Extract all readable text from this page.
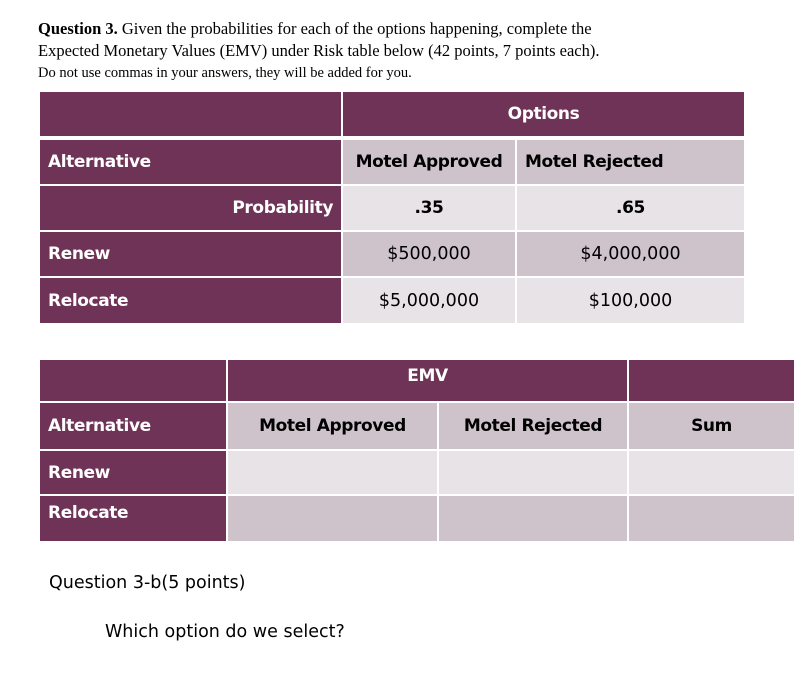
Question 3. Given the probabilities for each of the options happening, complete the
Expected Monetary Values (EMV) under Risk table below (42 points, 7 points each).
Do not use commas in your answers, they will be added for you.
Options
Alternative	Motel Approved	Motel Rejected
Probability	.35	.65
Renew	$500,000	$4,000,000
Relocate	$5,000,000	$100,000
EMV
Alternative	Motel Approved	Motel Rejected	Sum
Renew
Relocate
Question 3-b(5 points)
Which option do we select?
